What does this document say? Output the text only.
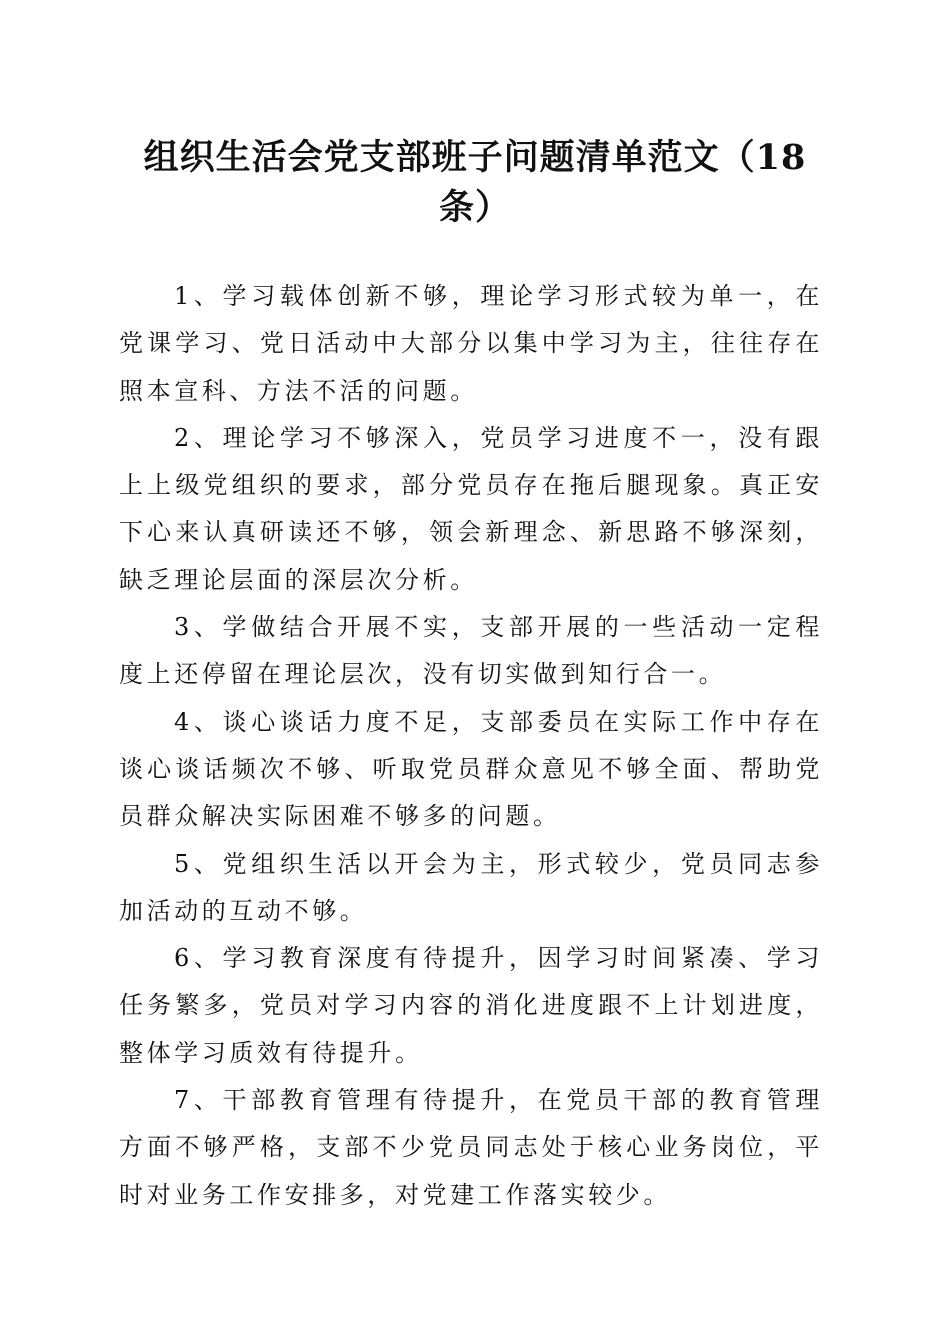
组织生活会党支部班子问题清单范文（18
条）

1、学习载体创新不够，理论学习形式较为单一，在党课学习、党日活动中大部分以集中学习为主，往往存在照本宣科、方法不活的问题。

2、理论学习不够深入，党员学习进度不一，没有跟上上级党组织的要求，部分党员存在拖后腿现象。真正安下心来认真研读还不够，领会新理念、新思路不够深刻，缺乏理论层面的深层次分析。

3、学做结合开展不实，支部开展的一些活动一定程度上还停留在理论层次，没有切实做到知行合一。

4、谈心谈话力度不足，支部委员在实际工作中存在谈心谈话频次不够、听取党员群众意见不够全面、帮助党员群众解决实际困难不够多的问题。

5、党组织生活以开会为主，形式较少，党员同志参加活动的互动不够。

6、学习教育深度有待提升，因学习时间紧凑、学习任务繁多，党员对学习内容的消化进度跟不上计划进度，整体学习质效有待提升。

7、干部教育管理有待提升，在党员干部的教育管理方面不够严格，支部不少党员同志处于核心业务岗位，平时对业务工作安排多，对党建工作落实较少。
